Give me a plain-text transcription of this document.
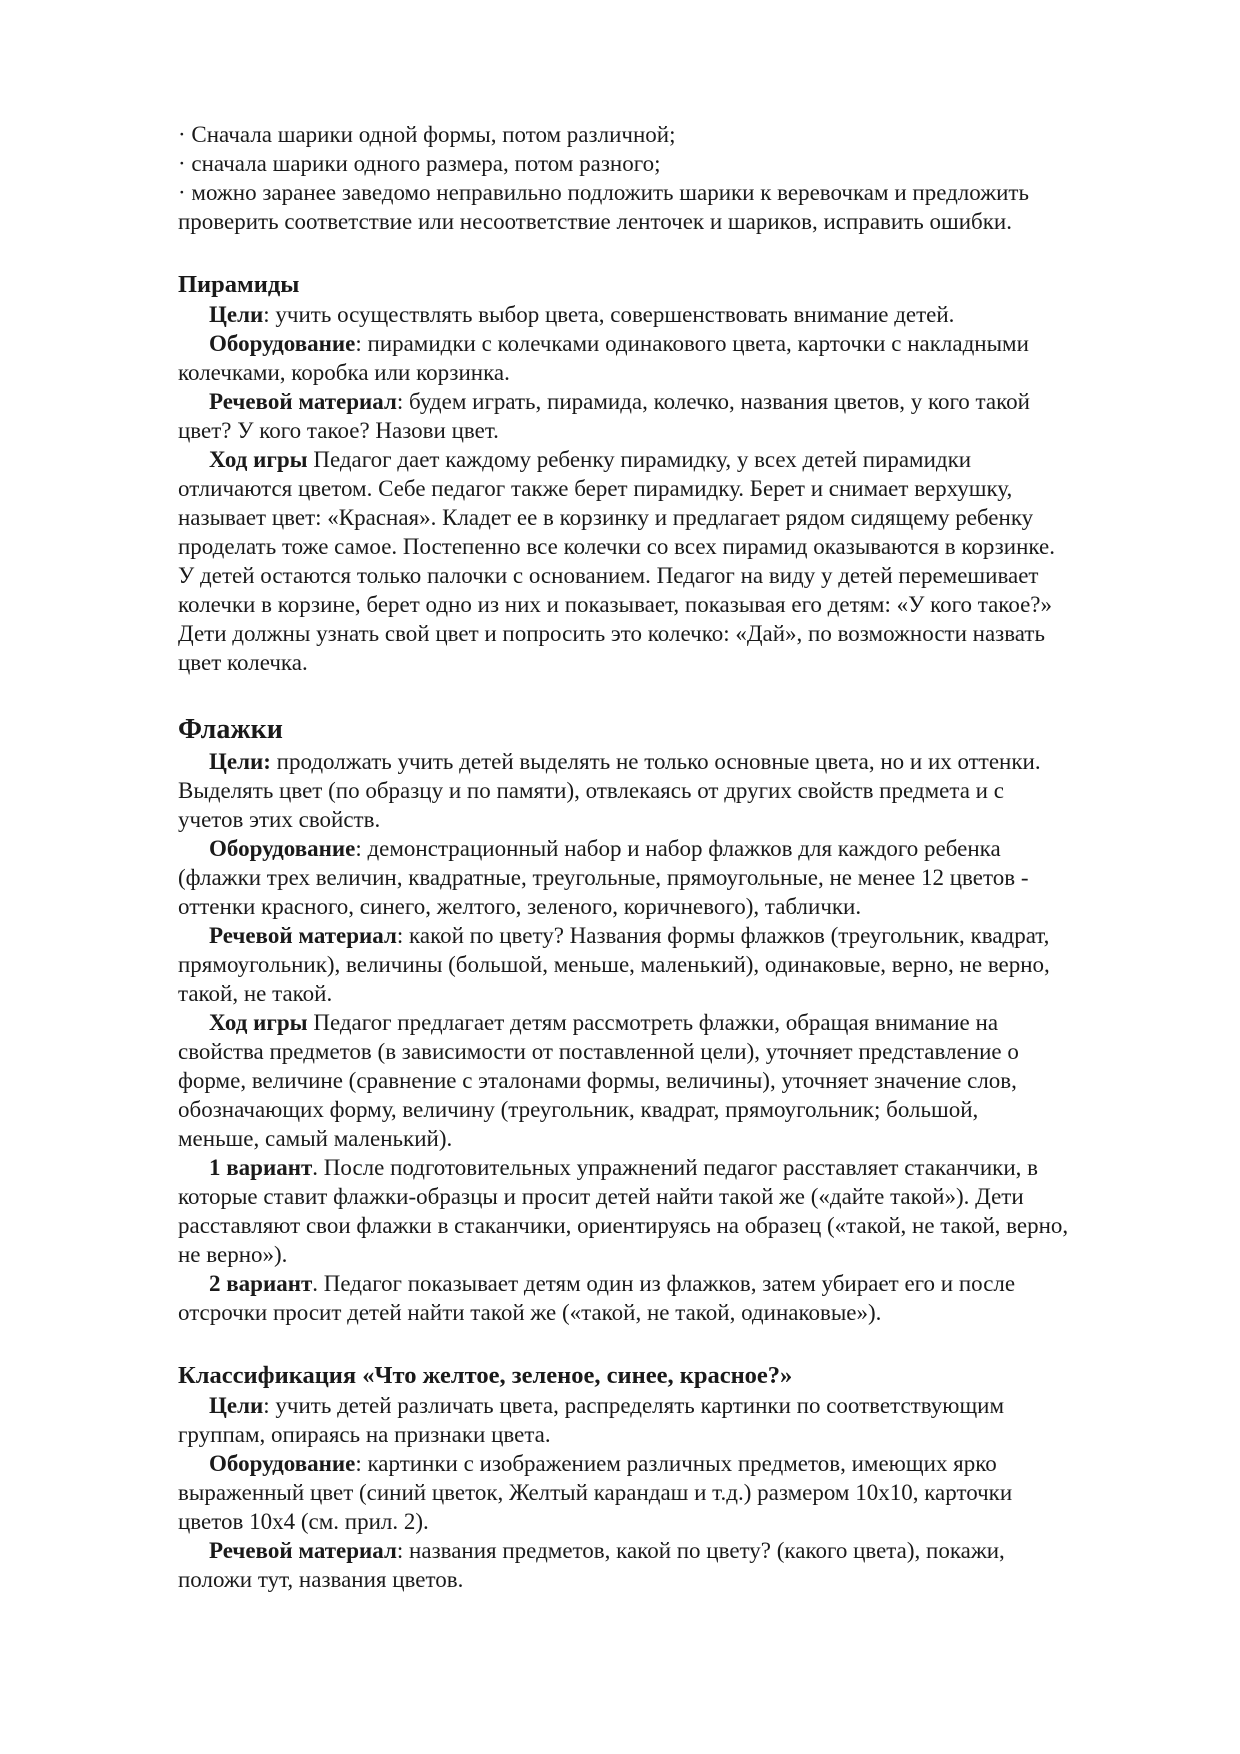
· Сначала шарики одной формы, потом различной;
· сначала шарики одного размера, потом разного;
· можно заранее заведомо неправильно подложить шарики к веревочкам и предложить
проверить соответствие или несоответствие ленточек и шариков, исправить ошибки.
Пирамиды
Цели: учить осуществлять выбор цвета, совершенствовать внимание детей.
Оборудование: пирамидки с колечками одинакового цвета, карточки с накладными
колечками, коробка или корзинка.
Речевой материал: будем играть, пирамида, колечко, названия цветов, у кого такой
цвет? У кого такое? Назови цвет.
Ход игры Педагог дает каждому ребенку пирамидку, у всех детей пирамидки
отличаются цветом. Себе педагог также берет пирамидку. Берет и снимает верхушку,
называет цвет: «Красная». Кладет ее в корзинку и предлагает рядом сидящему ребенку
проделать тоже самое. Постепенно все колечки со всех пирамид оказываются в корзинке.
У детей остаются только палочки с основанием. Педагог на виду у детей перемешивает
колечки в корзине, берет одно из них и показывает, показывая его детям: «У кого такое?»
Дети должны узнать свой цвет и попросить это колечко: «Дай», по возможности назвать
цвет колечка.
Флажки
Цели: продолжать учить детей выделять не только основные цвета, но и их оттенки.
Выделять цвет (по образцу и по памяти), отвлекаясь от других свойств предмета и с
учетов этих свойств.
Оборудование: демонстрационный набор и набор флажков для каждого ребенка
(флажки трех величин, квадратные, треугольные, прямоугольные, не менее 12 цветов -
оттенки красного, синего, желтого, зеленого, коричневого), таблички.
Речевой материал: какой по цвету? Названия формы флажков (треугольник, квадрат,
прямоугольник), величины (большой, меньше, маленький), одинаковые, верно, не верно,
такой, не такой.
Ход игры Педагог предлагает детям рассмотреть флажки, обращая внимание на
свойства предметов (в зависимости от поставленной цели), уточняет представление о
форме, величине (сравнение с эталонами формы, величины), уточняет значение слов,
обозначающих форму, величину (треугольник, квадрат, прямоугольник; большой,
меньше, самый маленький).
1 вариант. После подготовительных упражнений педагог расставляет стаканчики, в
которые ставит флажки-образцы и просит детей найти такой же («дайте такой»). Дети
расставляют свои флажки в стаканчики, ориентируясь на образец («такой, не такой, верно,
не верно»).
2 вариант. Педагог показывает детям один из флажков, затем убирает его и после
отсрочки просит детей найти такой же («такой, не такой, одинаковые»).
Классификация «Что желтое, зеленое, синее, красное?»
Цели: учить детей различать цвета, распределять картинки по соответствующим
группам, опираясь на признаки цвета.
Оборудование: картинки с изображением различных предметов, имеющих ярко
выраженный цвет (синий цветок, Желтый карандаш и т.д.) размером 10х10, карточки
цветов 10х4 (см. прил. 2).
Речевой материал: названия предметов, какой по цвету? (какого цвета), покажи,
положи тут, названия цветов.
